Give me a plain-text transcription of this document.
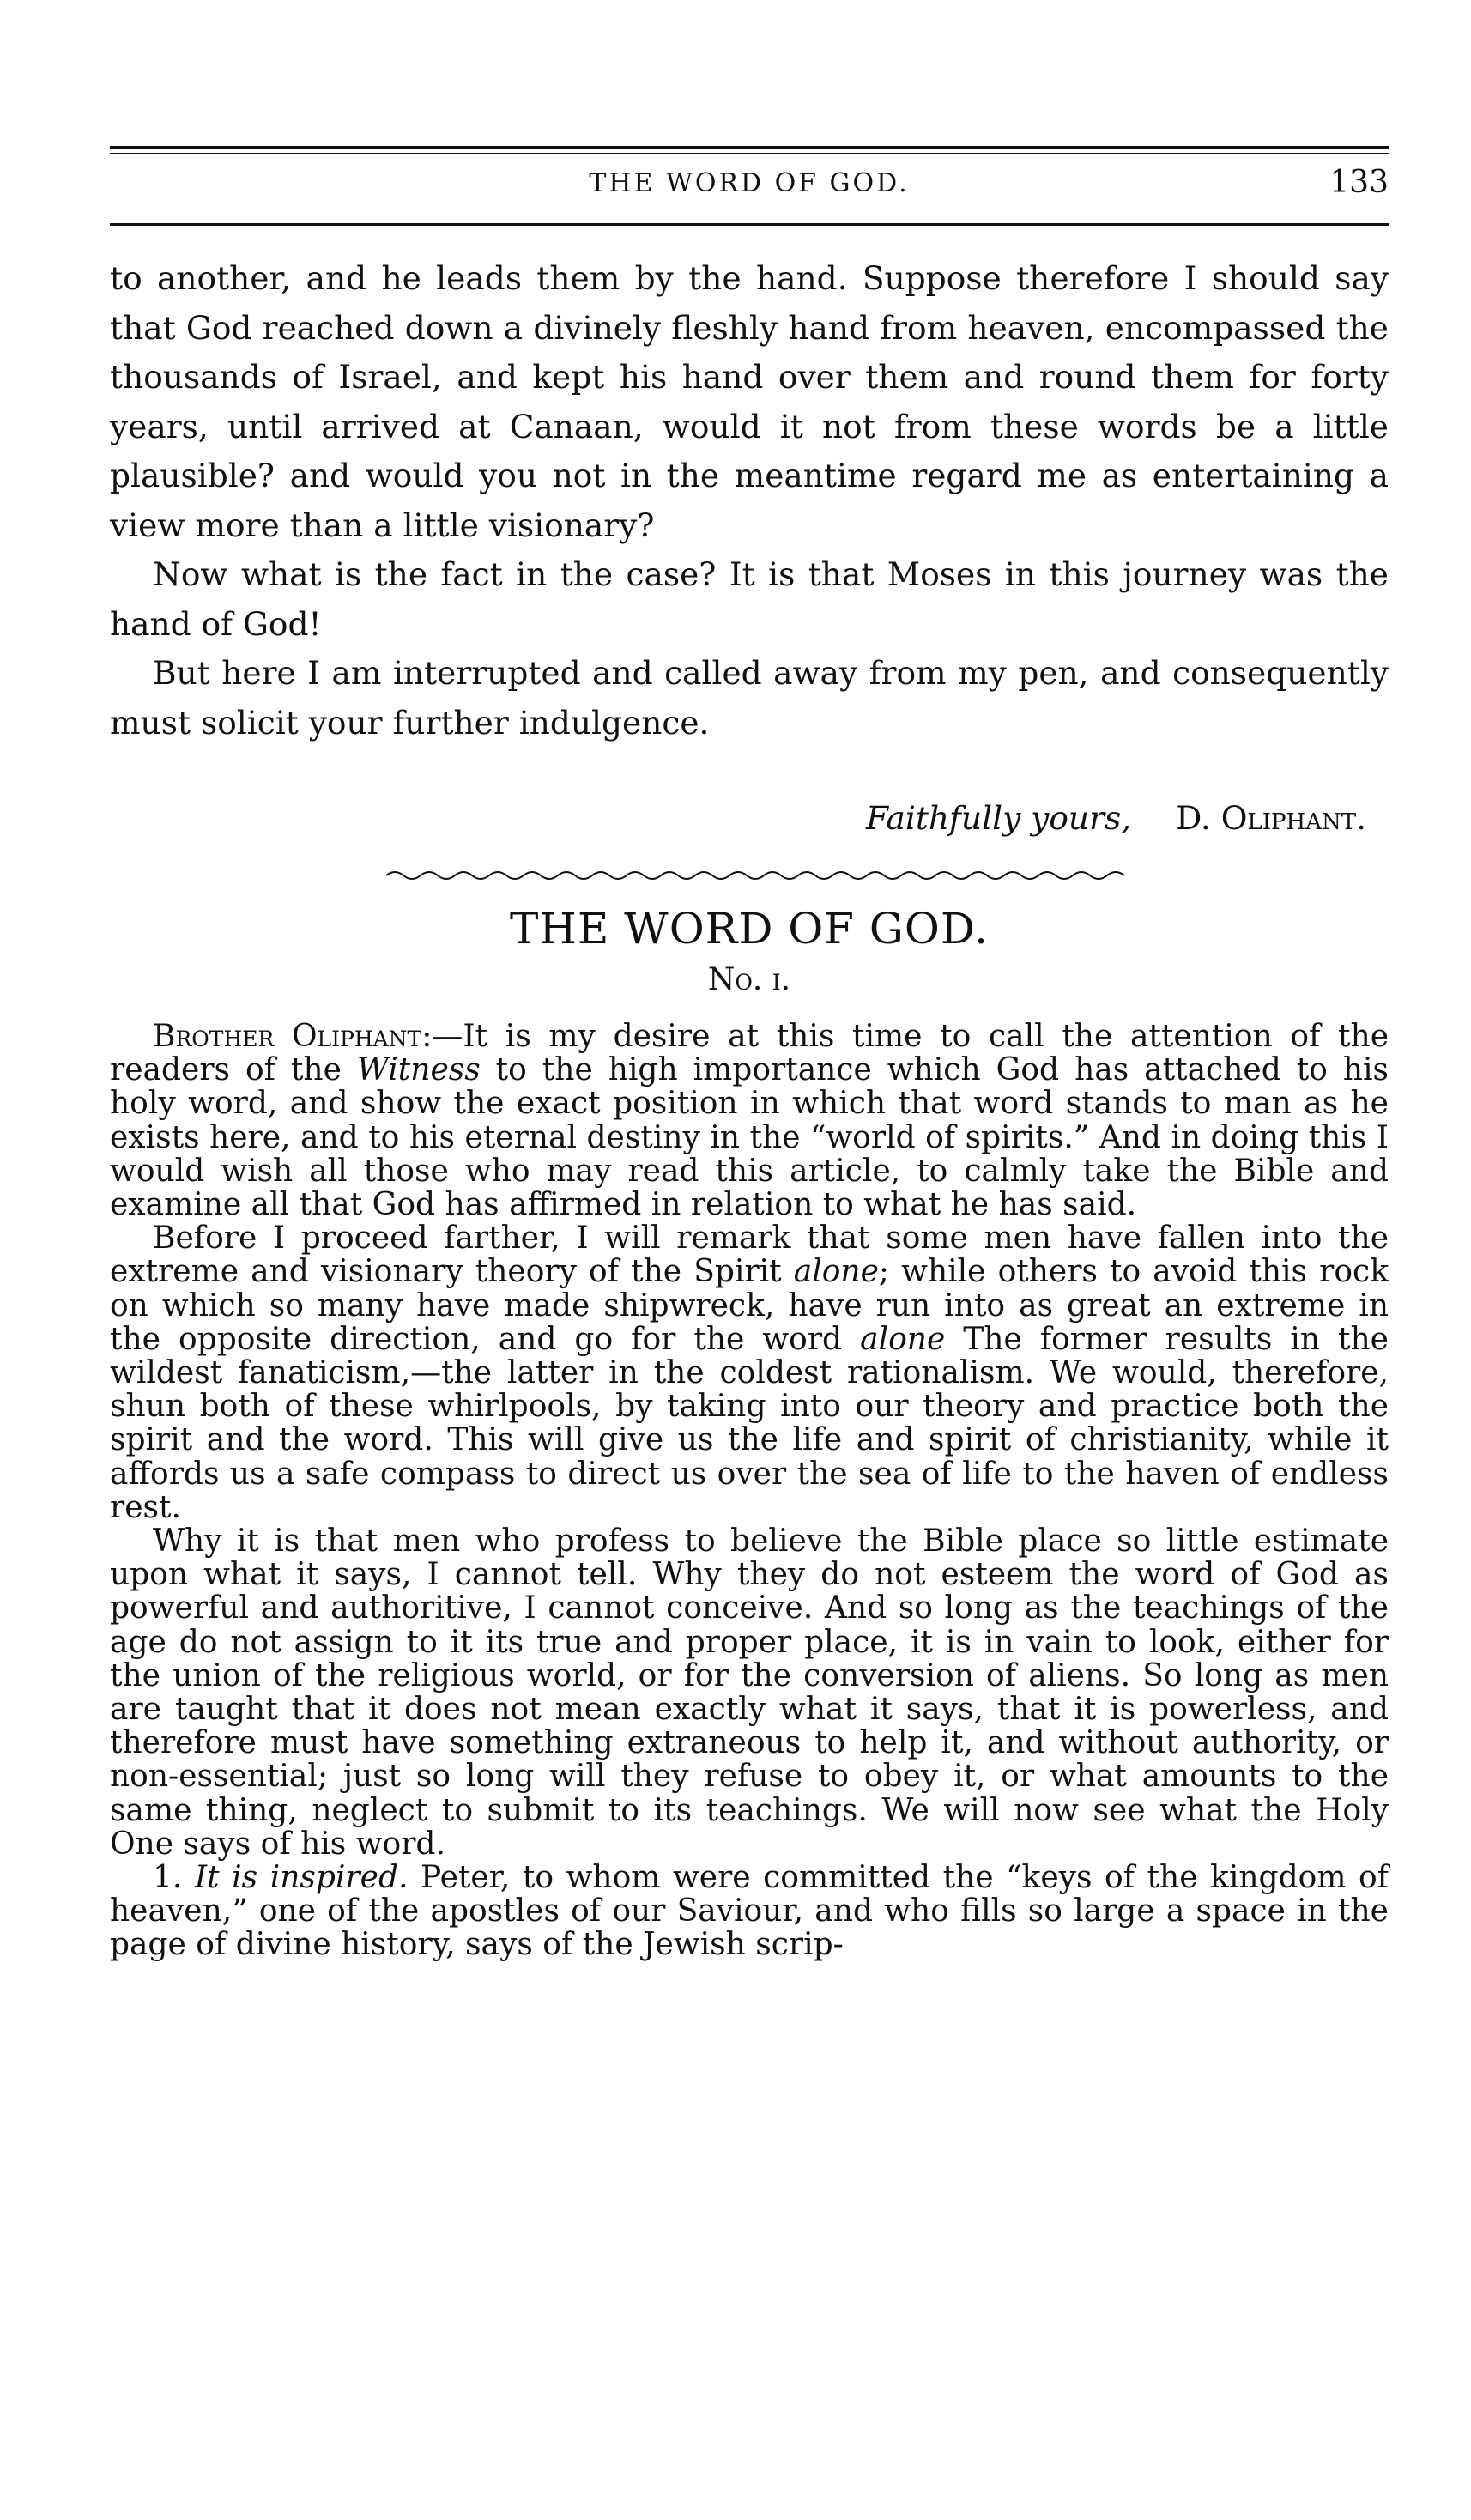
THE WORD OF GOD.	133

to another, and he leads them by the hand. Suppose therefore I should say that God reached down a divinely fleshly hand from heaven, encompassed the thousands of Israel, and kept his hand over them and round them for forty years, until arrived at Canaan, would it not from these words be a little plausible? and would you not in the meantime regard me as entertaining a view more than a little visionary?

Now what is the fact in the case? It is that Moses in this journey was the hand of God!

But here I am interrupted and called away from my pen, and consequently must solicit your further indulgence.

Faithfully yours, D. Oliphant.
THE WORD OF GOD.
No. i.

Brother Oliphant:—It is my desire at this time to call the attention of the readers of the Witness to the high importance which God has attached to his holy word, and show the exact position in which that word stands to man as he exists here, and to his eternal destiny in the “world of spirits.” And in doing this I would wish all those who may read this article, to calmly take the Bible and examine all that God has affirmed in relation to what he has said.

Before I proceed farther, I will remark that some men have fallen into the extreme and visionary theory of the Spirit alone; while others to avoid this rock on which so many have made shipwreck, have run into as great an extreme in the opposite direction, and go for the word alone The former results in the wildest fanaticism,—the latter in the coldest rationalism. We would, therefore, shun both of these whirlpools, by taking into our theory and practice both the spirit and the word. This will give us the life and spirit of christianity, while it affords us a safe compass to direct us over the sea of life to the haven of endless rest.

Why it is that men who profess to believe the Bible place so little estimate upon what it says, I cannot tell. Why they do not esteem the word of God as powerful and authoritive, I cannot conceive. And so long as the teachings of the age do not assign to it its true and proper place, it is in vain to look, either for the union of the religious world, or for the conversion of aliens. So long as men are taught that it does not mean exactly what it says, that it is powerless, and therefore must have something extraneous to help it, and without authority, or non-essential; just so long will they refuse to obey it, or what amounts to the same thing, neglect to submit to its teachings. We will now see what the Holy One says of his word.

1. It is inspired. Peter, to whom were committed the “keys of the kingdom of heaven,” one of the apostles of our Saviour, and who fills so large a space in the page of divine history, says of the Jewish scrip-
